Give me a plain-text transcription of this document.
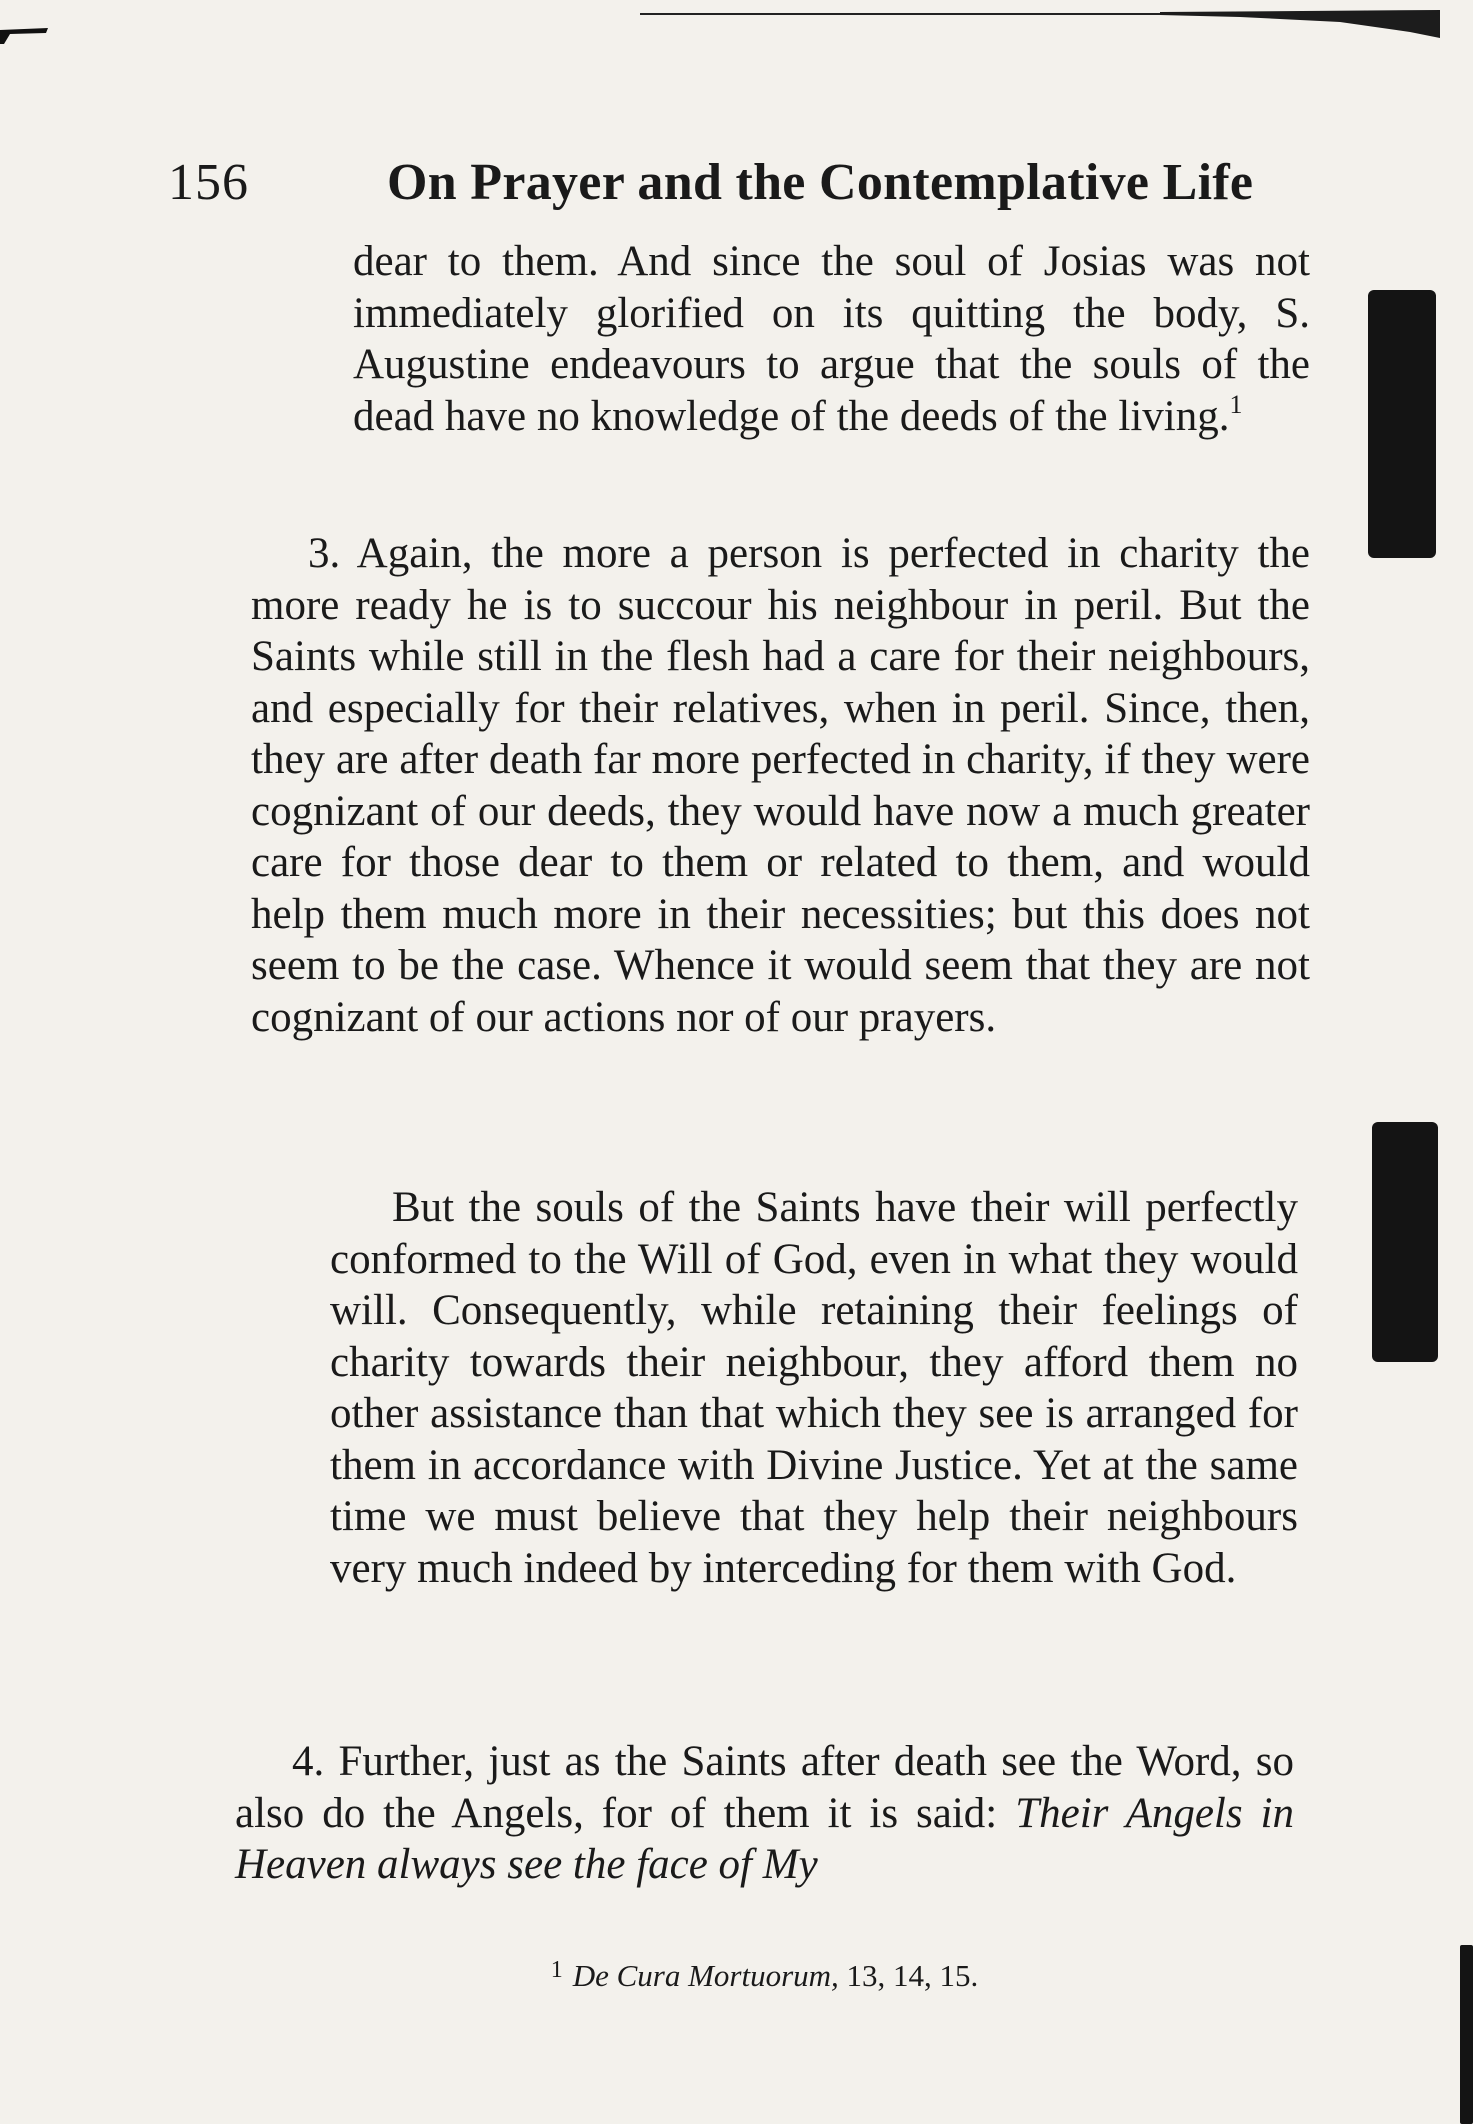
156	On Prayer and the Contemplative Life
dear to them. And since the soul of Josias was not immediately glorified on its quitting the body, S. Augustine endeavours to argue that the souls of the dead have no knowledge of the deeds of the living.$^1$
3. Again, the more a person is perfected in charity the more ready he is to succour his neighbour in peril. But the Saints while still in the flesh had a care for their neighbours, and especially for their relatives, when in peril. Since, then, they are after death far more perfected in charity, if they were cognizant of our deeds, they would have now a much greater care for those dear to them or related to them, and would help them much more in their necessities; but this does not seem to be the case. Whence it would seem that they are not cognizant of our actions nor of our prayers.
But the souls of the Saints have their will perfectly conformed to the Will of God, even in what they would will. Consequently, while retaining their feelings of charity towards their neighbour, they afford them no other assistance than that which they see is arranged for them in accordance with Divine Justice. Yet at the same time we must believe that they help their neighbours very much indeed by interceding for them with God.
4. Further, just as the Saints after death see the Word, so also do the Angels, for of them it is said: Their Angels in Heaven always see the face of My
$^1$ De Cura Mortuorum, 13, 14, 15.
